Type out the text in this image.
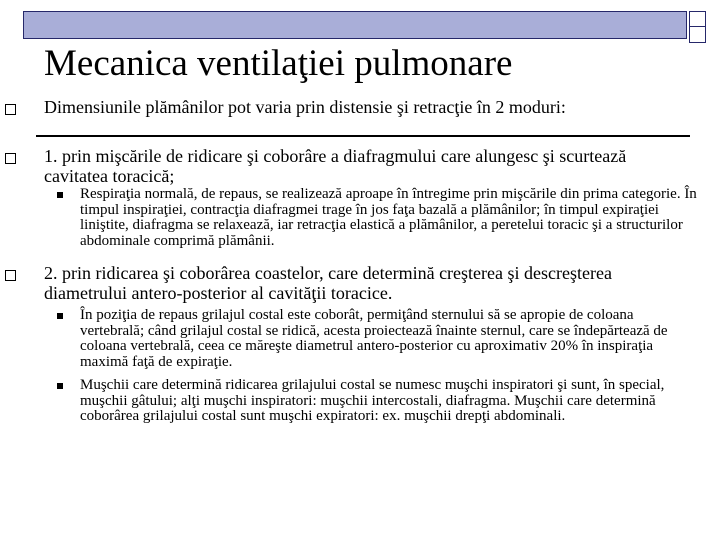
Mecanica ventilaţiei pulmonare
Dimensiunile plămânilor pot varia prin distensie şi retracţie în 2 moduri:
1. prin mişcările de ridicare şi coborâre a diafragmului care alungesc şi scurtează cavitatea toracică;
Respiraţia normală, de repaus, se realizează aproape în întregime prin mişcările din prima categorie. În timpul inspiraţiei, contracţia diafragmei trage în jos faţa bazală a plămânilor; în timpul expiraţiei liniştite, diafragma se relaxează, iar retracţia elastică a plămânilor, a peretelui toracic şi a structurilor abdominale comprimă plămânii.
2. prin ridicarea şi coborârea coastelor, care determină creşterea şi descreşterea diametrului antero-posterior al cavităţii toracice.
În poziţia de repaus grilajul costal este coborât, permiţând sternului să se apropie de coloana vertebrală; când grilajul costal se ridică, acesta proiectează înainte sternul, care se îndepărtează de coloana vertebrală, ceea ce măreşte diametrul antero-posterior cu aproximativ 20% în inspiraţia maximă faţă de expiraţie.
Muşchii care determină ridicarea grilajului costal se numesc muşchi inspiratori şi sunt, în special, muşchii gâtului; alţi muşchi inspiratori: muşchii intercostali, diafragma. Muşchii care determină coborârea grilajului costal sunt muşchi expiratori: ex. muşchii drepţi abdominali.
